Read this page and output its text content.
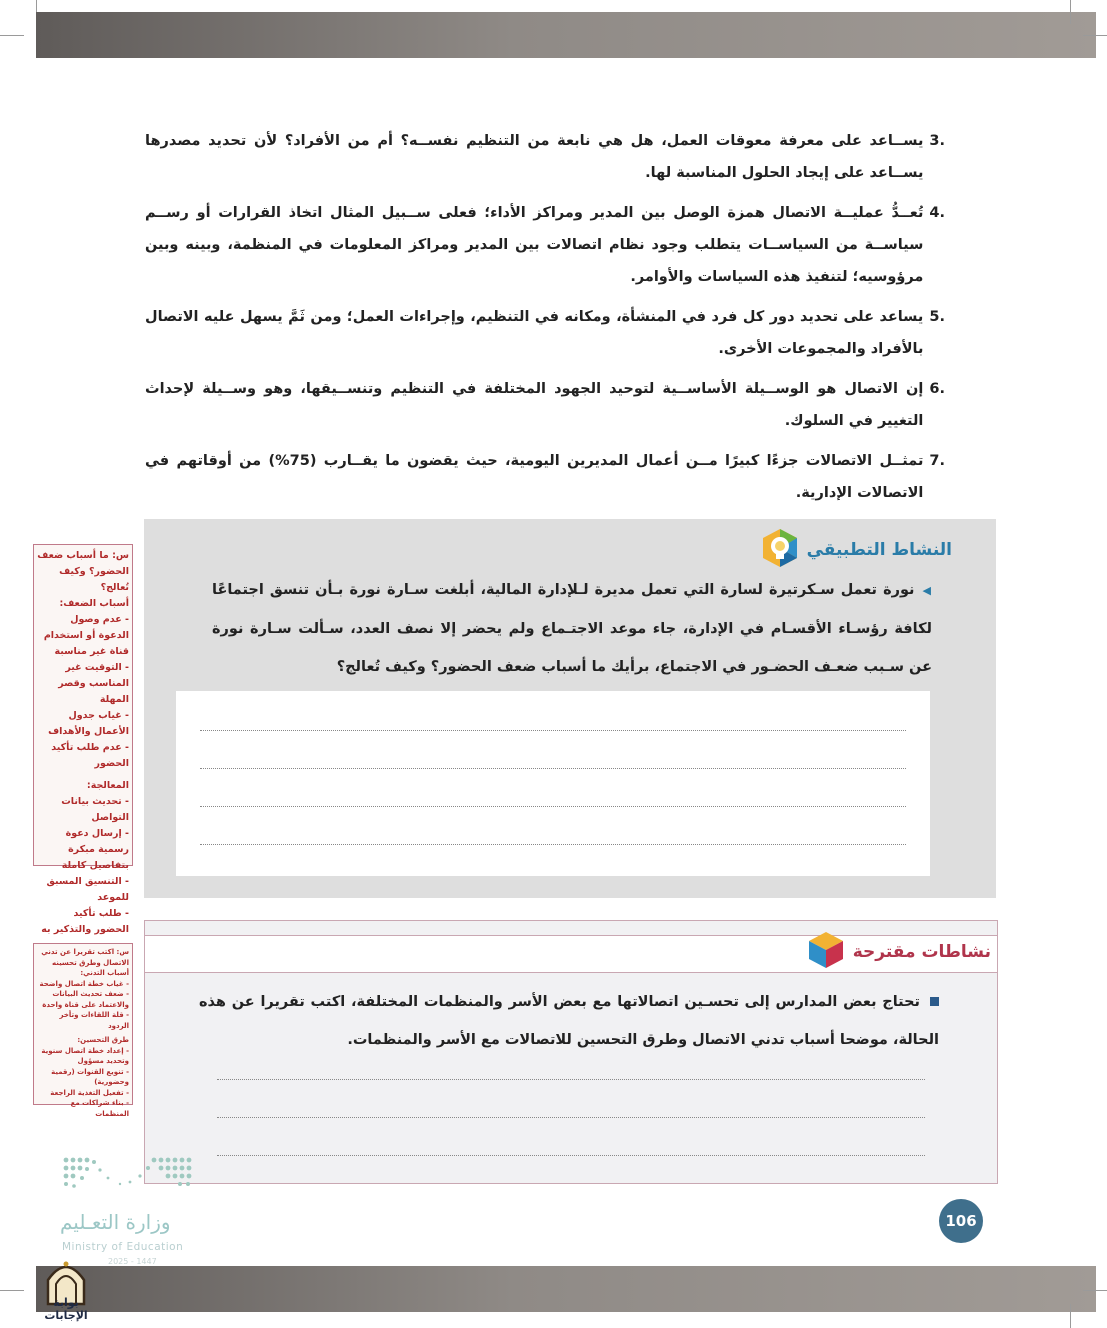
.3
يســاعد على معرفة معوقات العمل، هل هي نابعة من التنظيم نفســه؟ أم من الأفراد؟ لأن تحديد مصدرها يســاعد على إيجاد الحلول المناسبة لها.
.4
تُعــدُّ عمليــة الاتصال همزة الوصل بين المدير ومراكز الأداء؛ فعلى ســبيل المثال اتخاذ القرارات أو رســم سياســة من السياســات يتطلب وجود نظام اتصالات بين المدير ومراكز المعلومات في المنظمة، وبينه وبين مرؤوسيه؛ لتنفيذ هذه السياسات والأوامر.
.5
يساعد على تحديد دور كل فرد في المنشأة، ومكانه في التنظيم، وإجراءات العمل؛ ومن ثَمَّ يسهل عليه الاتصال بالأفراد والمجموعات الأخرى.
.6
إن الاتصال هو الوســيلة الأساســية لتوحيد الجهود المختلفة في التنظيم وتنســيقها، وهو وســيلة لإحداث التغيير في السلوك.
.7
تمثــل الاتصالات جزءًا كبيرًا مــن أعمال المديرين اليومية، حيث يقضون ما يقــارب (75%) من أوقاتهم في الاتصالات الإدارية.
النشاط التطبيقي
◀نورة تعمل سـكرتيرة لسارة التي تعمل مديرة لـلإدارة المالية، أبلغت سـارة نورة بـأن تنسق اجتماعًا لكافة رؤسـاء الأقسـام في الإدارة، جاء موعد الاجتـماع ولم يحضر إلا نصف العدد، سـألت سـارة نورة عن سـبب ضعـف الحضـور في الاجتماع، برأيك ما أسباب ضعف الحضور؟ وكيف تُعالج؟
نشاطات مقترحة
تحتاج بعض المدارس إلى تحسـين اتصالاتها مع بعض الأسر والمنظمات المختلفة، اكتب تقريرا عن هذه الحالة، موضحا أسباب تدني الاتصال وطرق التحسين للاتصالات مع الأسر والمنظمات.
س: ما أسباب ضعف الحضور؟ وكيف تُعالج؟
أسباب الضعف:
- عدم وصول الدعوة أو استخدام قناة غير مناسبة
- التوقيت غير المناسب وقصر المهلة
- غياب جدول الأعمال والأهداف
- عدم طلب تأكيد الحضور
المعالجة:
- تحديث بيانات التواصل
- إرسال دعوة رسمية مبكرة بتفاصيل كاملة
- التنسيق المسبق للموعد
- طلب تأكيد الحضور والتذكير به
س: اكتب تقريرا عن تدني الاتصال وطرق تحسينه
أسباب التدني:
- غياب خطة اتصال واضحة
- ضعف تحديث البيانات والاعتماد على قناة واحدة
- قلة اللقاءات وتأخر الردود
طرق التحسين:
- إعداد خطة اتصال سنوية وتحديد مسؤول
- تنويع القنوات (رقمية وحضورية)
- تفعيل التغذية الراجعة
- بناء شراكات مع المنظمات
106
وزارة التعـليم
Ministry of Education
2025 - 1447
بوابة الإجابات
